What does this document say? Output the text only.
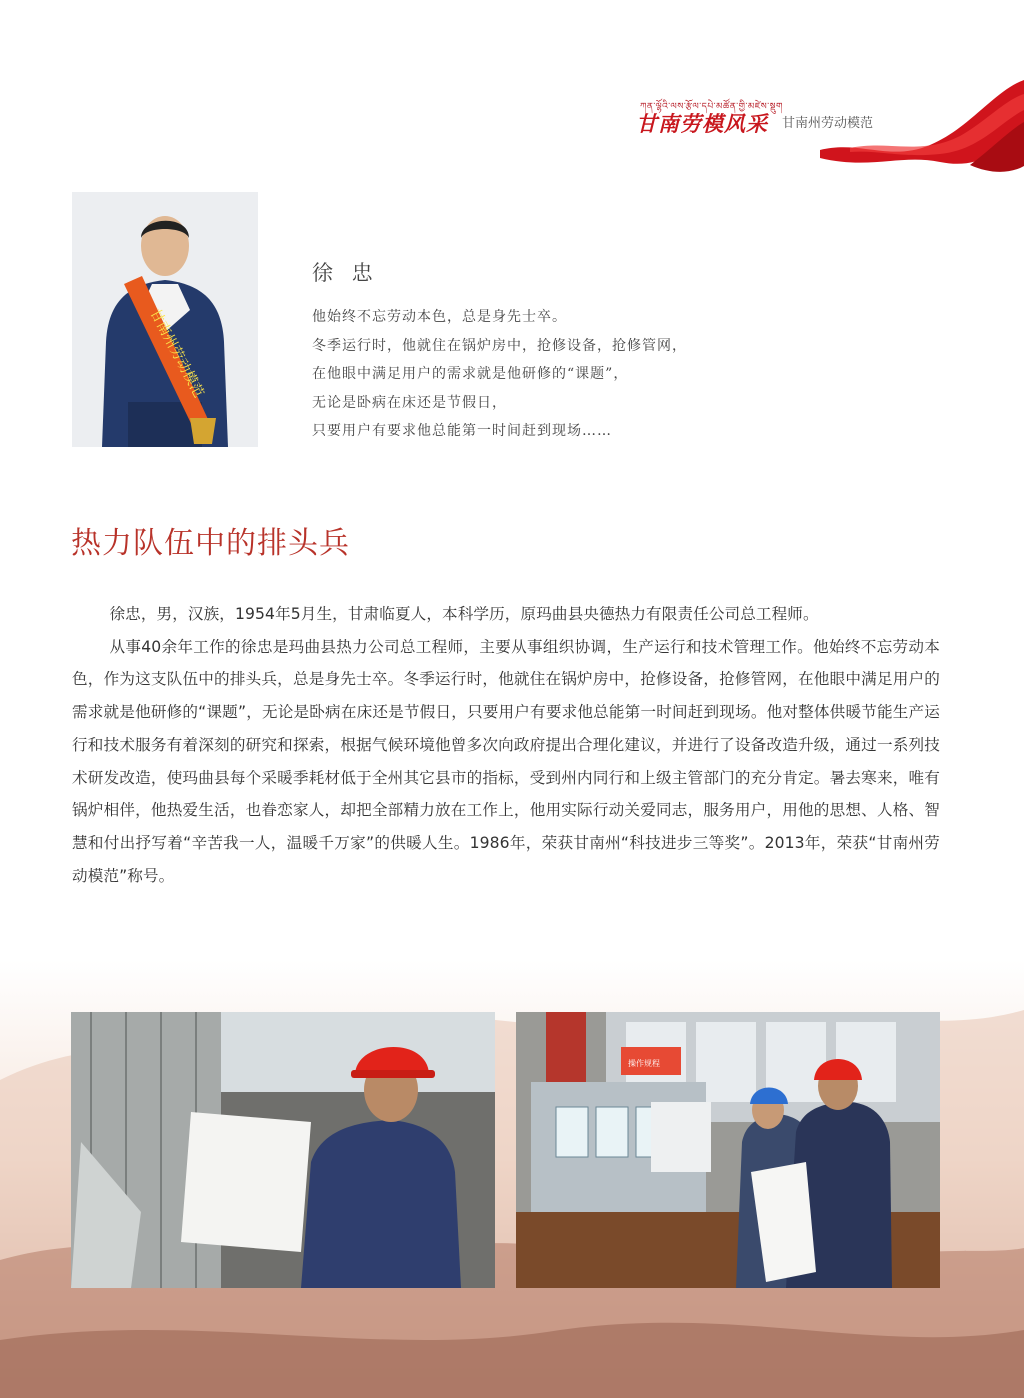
ཀན་ལྷོའི་ལས་རྩོལ་དཔེ་མཚོན་གྱི་མཛེས་སྡུག
甘南劳模风采 甘南州劳动模范
甘南州劳动模范
徐 忠

他始终不忘劳动本色，总是身先士卒。

冬季运行时，他就住在锅炉房中，抢修设备，抢修管网，

在他眼中满足用户的需求就是他研修的“课题”，

无论是卧病在床还是节假日，

只要用户有要求他总能第一时间赶到现场……

热力队伍中的排头兵

徐忠，男，汉族，1954年5月生，甘肃临夏人，本科学历，原玛曲县央德热力有限责任公司总工程师。

从事40余年工作的徐忠是玛曲县热力公司总工程师，主要从事组织协调，生产运行和技术管理工作。他始终不忘劳动本色，作为这支队伍中的排头兵，总是身先士卒。冬季运行时，他就住在锅炉房中，抢修设备，抢修管网，在他眼中满足用户的需求就是他研修的“课题”，无论是卧病在床还是节假日，只要用户有要求他总能第一时间赶到现场。他对整体供暖节能生产运行和技术服务有着深刻的研究和探索，根据气候环境他曾多次向政府提出合理化建议，并进行了设备改造升级，通过一系列技术研发改造，使玛曲县每个采暖季耗材低于全州其它县市的指标，受到州内同行和上级主管部门的充分肯定。暑去寒来，唯有锅炉相伴，他热爱生活，也眷恋家人，却把全部精力放在工作上，他用实际行动关爱同志，服务用户，用他的思想、人格、智慧和付出抒写着“辛苦我一人，温暖千万家”的供暖人生。1986年，荣获甘南州“科技进步三等奖”。2013年，荣获“甘南州劳动模范”称号。

操作规程
